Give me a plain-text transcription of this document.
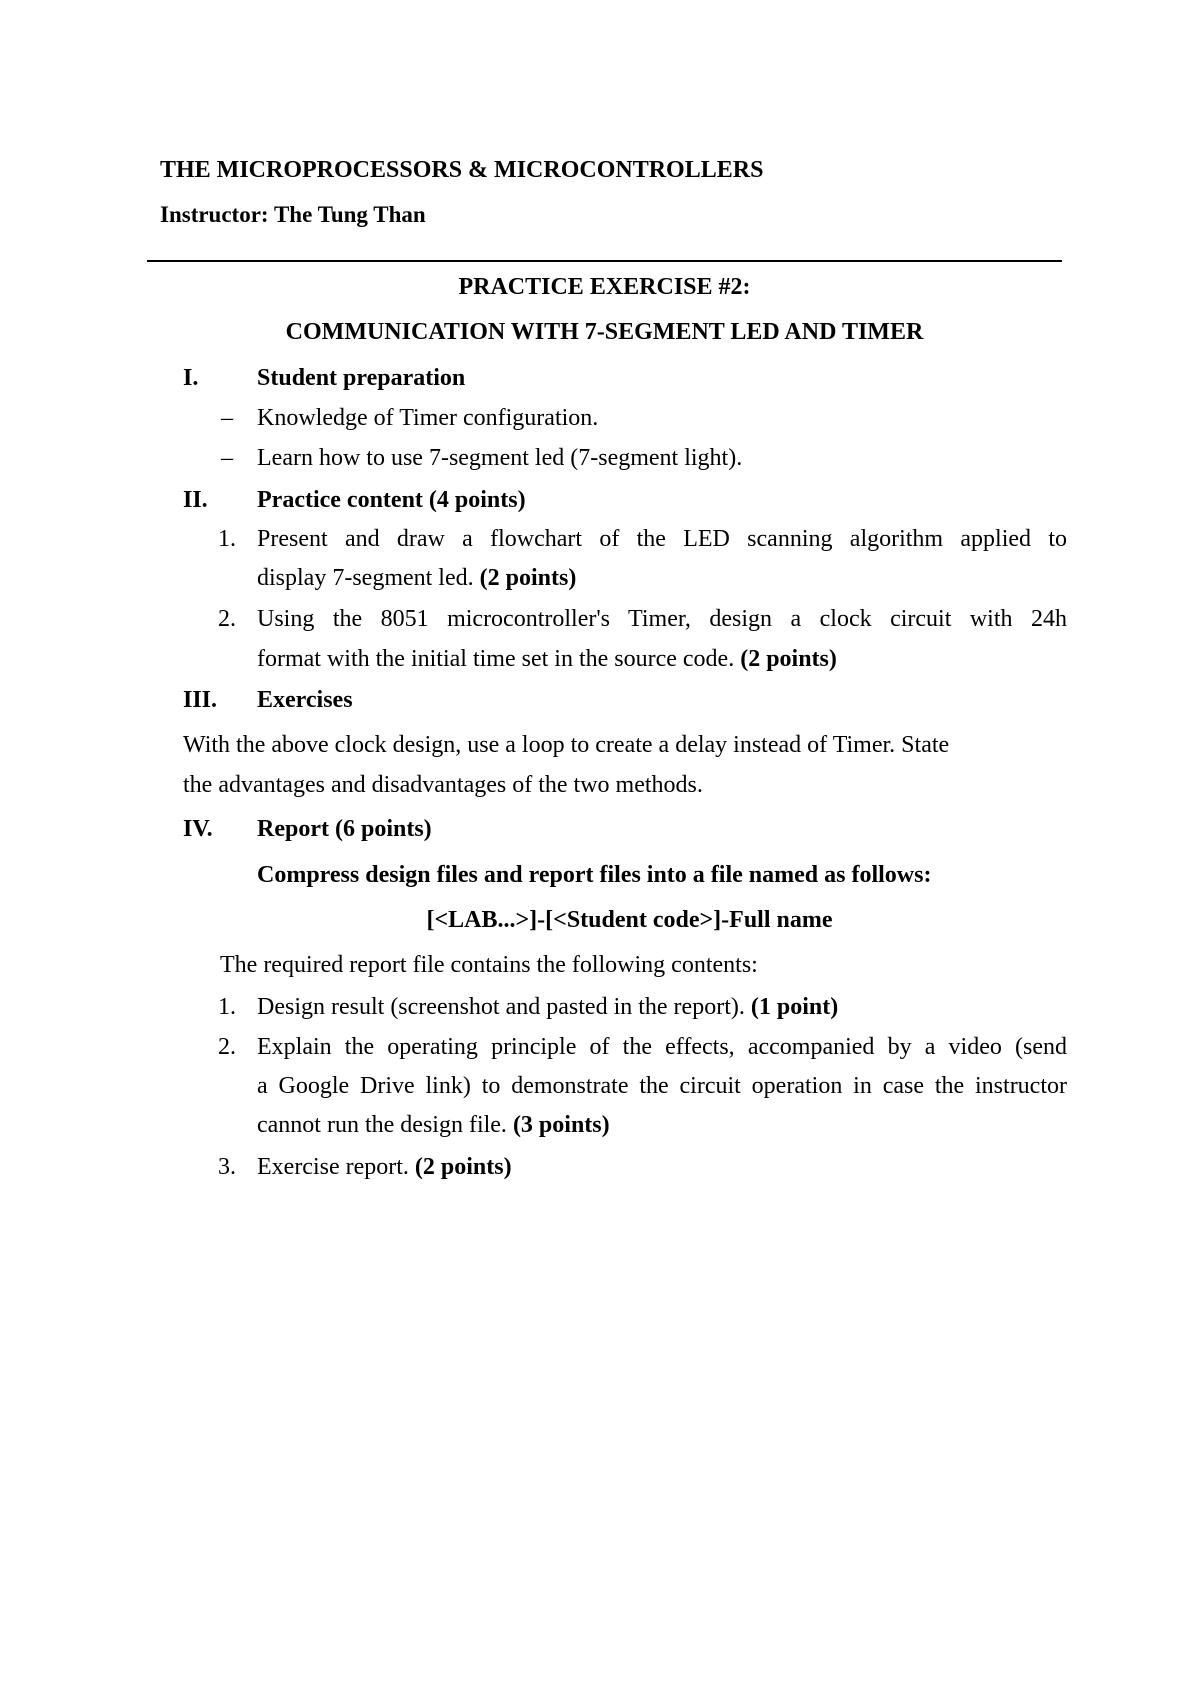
THE MICROPROCESSORS & MICROCONTROLLERS
Instructor: The Tung Than
PRACTICE EXERCISE #2:
COMMUNICATION WITH 7-SEGMENT LED AND TIMER
I. Student preparation
– Knowledge of Timer configuration.
– Learn how to use 7-segment led (7-segment light).
II. Practice content (4 points)
1. Present and draw a flowchart of the LED scanning algorithm applied to
display 7-segment led. (2 points)
2. Using the 8051 microcontroller's Timer, design a clock circuit with 24h
format with the initial time set in the source code. (2 points)
III. Exercises
With the above clock design, use a loop to create a delay instead of Timer. State
the advantages and disadvantages of the two methods.
IV. Report (6 points)
Compress design files and report files into a file named as follows:
[<LAB...>]-[<Student code>]-Full name
The required report file contains the following contents:
1. Design result (screenshot and pasted in the report). (1 point)
2. Explain the operating principle of the effects, accompanied by a video (send
a Google Drive link) to demonstrate the circuit operation in case the instructor
cannot run the design file. (3 points)
3. Exercise report. (2 points)
